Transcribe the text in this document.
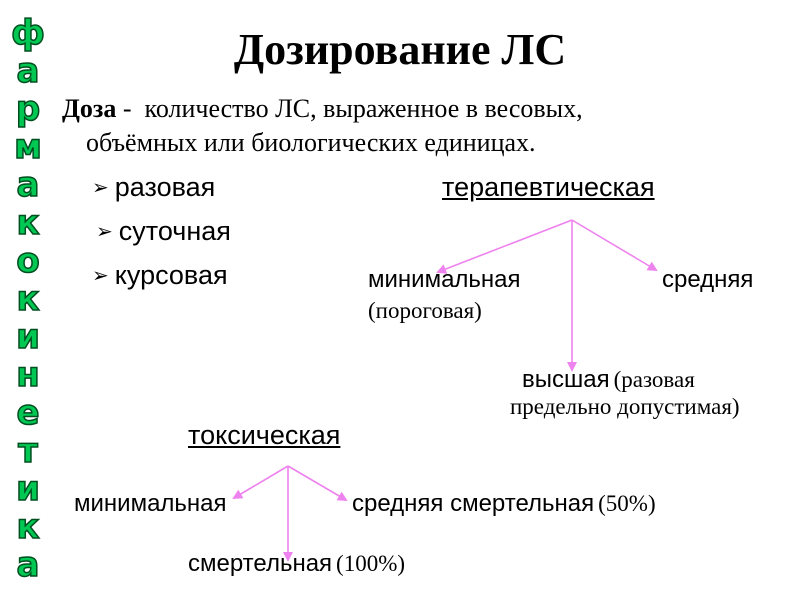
ф
а
р
м
а
к
о
к
и
н
е
т
и
к
а
Дозирование ЛС
Доза -  количество ЛС, выраженное в весовых,
объёмных или биологических единицах.
➢ разовая
➢ суточная
➢ курсовая
терапевтическая
минимальная
(пороговая)
средняя
высшая (разовая
предельно допустимая)
токсическая
минимальная	средняя смертельная (50%)
смертельная (100%)
